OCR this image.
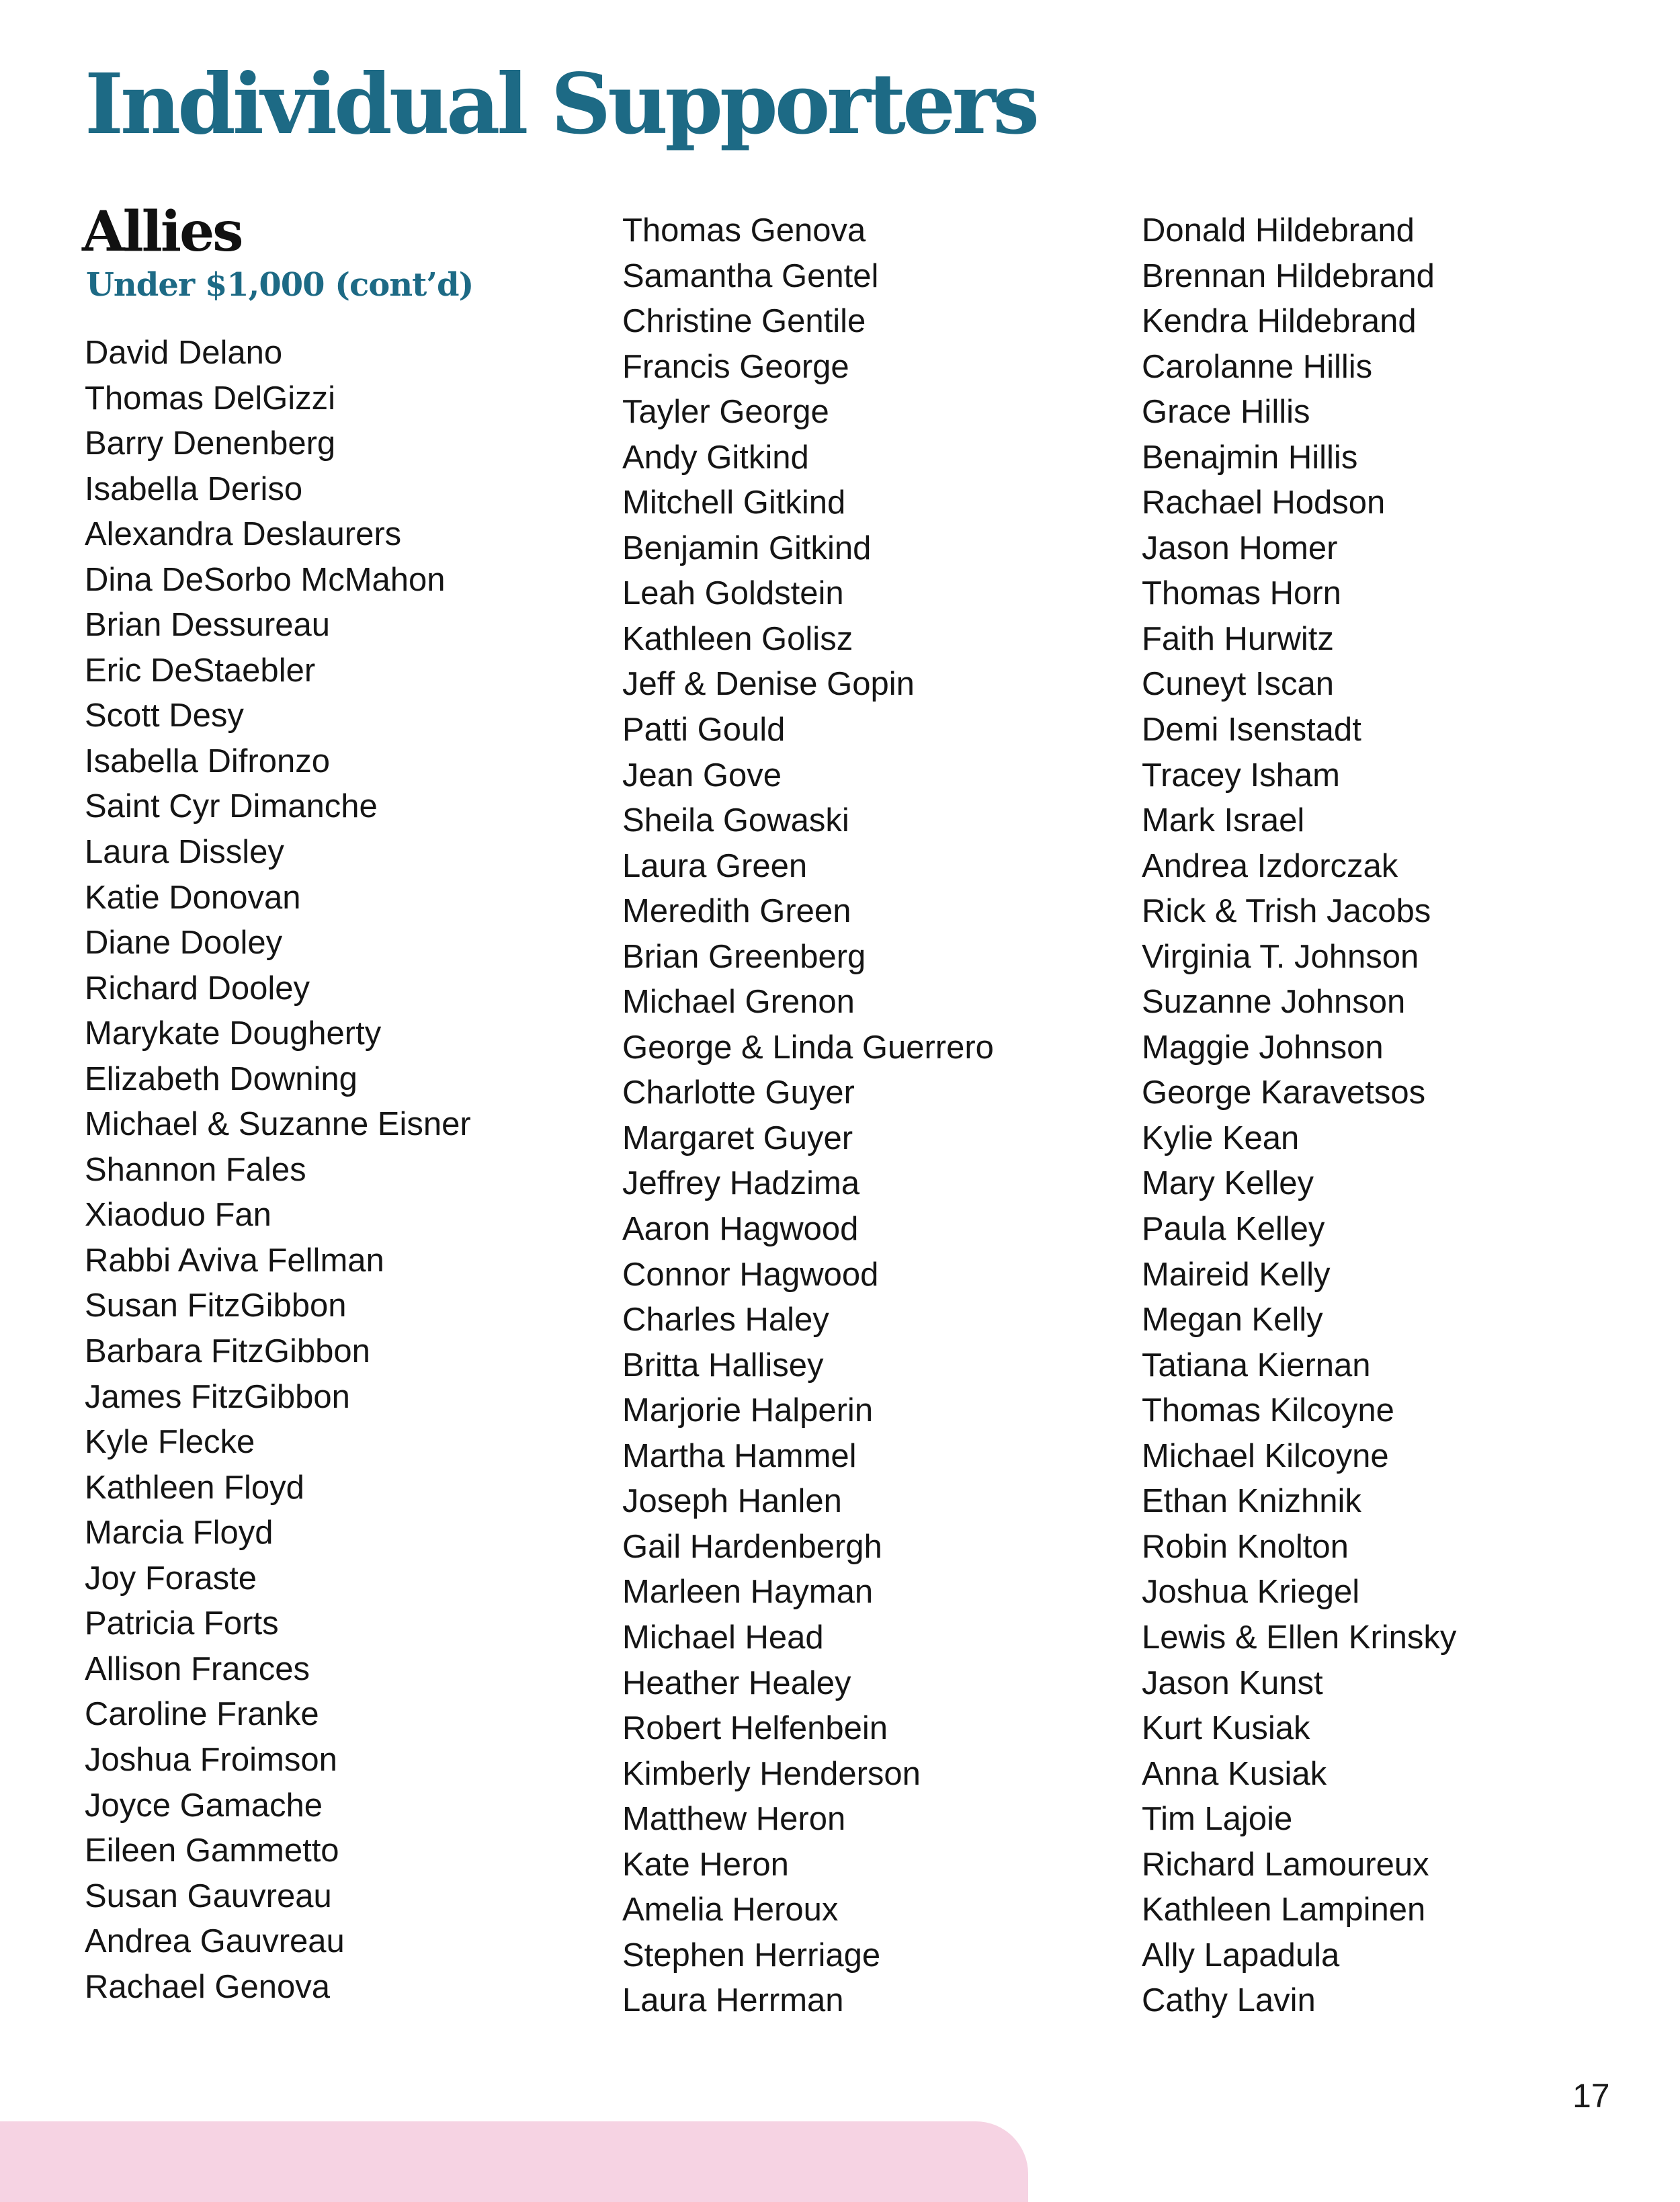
Individual Supporters
Allies
Under $1,000 (cont’d)
David Delano
Thomas DelGizzi
Barry Denenberg
Isabella Deriso
Alexandra Deslaurers
Dina DeSorbo McMahon
Brian Dessureau
Eric DeStaebler
Scott Desy
Isabella Difronzo
Saint Cyr Dimanche
Laura Dissley
Katie Donovan
Diane Dooley
Richard Dooley
Marykate Dougherty
Elizabeth Downing
Michael & Suzanne Eisner
Shannon Fales
Xiaoduo Fan
Rabbi Aviva Fellman
Susan FitzGibbon
Barbara FitzGibbon
James FitzGibbon
Kyle Flecke
Kathleen Floyd
Marcia Floyd
Joy Foraste
Patricia Forts
Allison Frances
Caroline Franke
Joshua Froimson
Joyce Gamache
Eileen Gammetto
Susan Gauvreau
Andrea Gauvreau
Rachael Genova
Thomas Genova
Samantha Gentel
Christine Gentile
Francis George
Tayler George
Andy Gitkind
Mitchell Gitkind
Benjamin Gitkind
Leah Goldstein
Kathleen Golisz
Jeff & Denise Gopin
Patti Gould
Jean Gove
Sheila Gowaski
Laura Green
Meredith Green
Brian Greenberg
Michael Grenon
George & Linda Guerrero
Charlotte Guyer
Margaret Guyer
Jeffrey Hadzima
Aaron Hagwood
Connor Hagwood
Charles Haley
Britta Hallisey
Marjorie Halperin
Martha Hammel
Joseph Hanlen
Gail Hardenbergh
Marleen Hayman
Michael Head
Heather Healey
Robert Helfenbein
Kimberly Henderson
Matthew Heron
Kate Heron
Amelia Heroux
Stephen Herriage
Laura Herrman
Donald Hildebrand
Brennan Hildebrand
Kendra Hildebrand
Carolanne Hillis
Grace Hillis
Benajmin Hillis
Rachael Hodson
Jason Homer
Thomas Horn
Faith Hurwitz
Cuneyt Iscan
Demi Isenstadt
Tracey Isham
Mark Israel
Andrea Izdorczak
Rick & Trish Jacobs
Virginia T. Johnson
Suzanne Johnson
Maggie Johnson
George Karavetsos
Kylie Kean
Mary Kelley
Paula Kelley
Maireid Kelly
Megan Kelly
Tatiana Kiernan
Thomas Kilcoyne
Michael Kilcoyne
Ethan Knizhnik
Robin Knolton
Joshua Kriegel
Lewis & Ellen Krinsky
Jason Kunst
Kurt Kusiak
Anna Kusiak
Tim Lajoie
Richard Lamoureux
Kathleen Lampinen
Ally Lapadula
Cathy Lavin
17
